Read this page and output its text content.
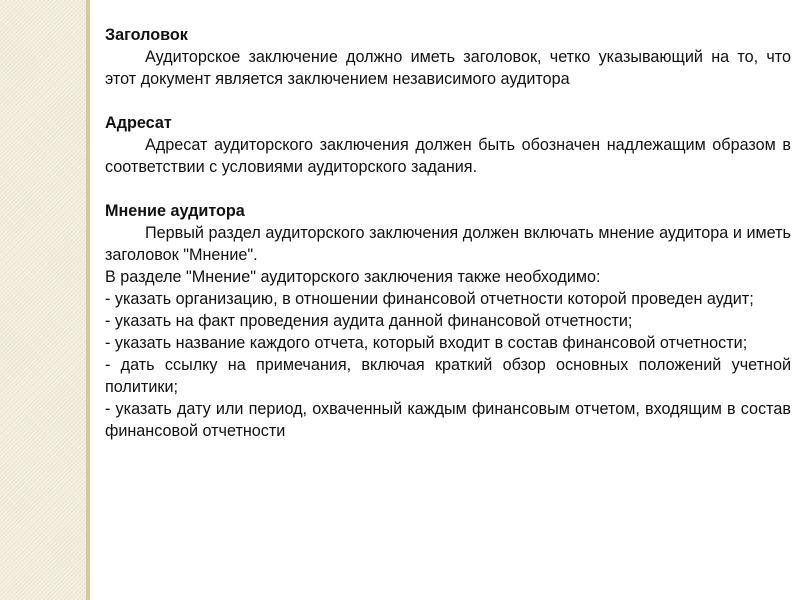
Заголовок
Аудиторское заключение должно иметь заголовок, четко указывающий на то, что этот документ является заключением независимого аудитора
Адресат
Адресат аудиторского заключения должен быть обозначен надлежащим образом в соответствии с условиями аудиторского задания.
Мнение аудитора
Первый раздел аудиторского заключения должен включать мнение аудитора и иметь заголовок "Мнение".
В разделе "Мнение" аудиторского заключения также необходимо:
- указать организацию, в отношении финансовой отчетности которой проведен аудит;
- указать на факт проведения аудита данной финансовой отчетности;
- указать название каждого отчета, который входит в состав финансовой отчетности;
- дать ссылку на примечания, включая краткий обзор основных положений учетной политики;
- указать дату или период, охваченный каждым финансовым отчетом, входящим в состав финансовой отчетности
